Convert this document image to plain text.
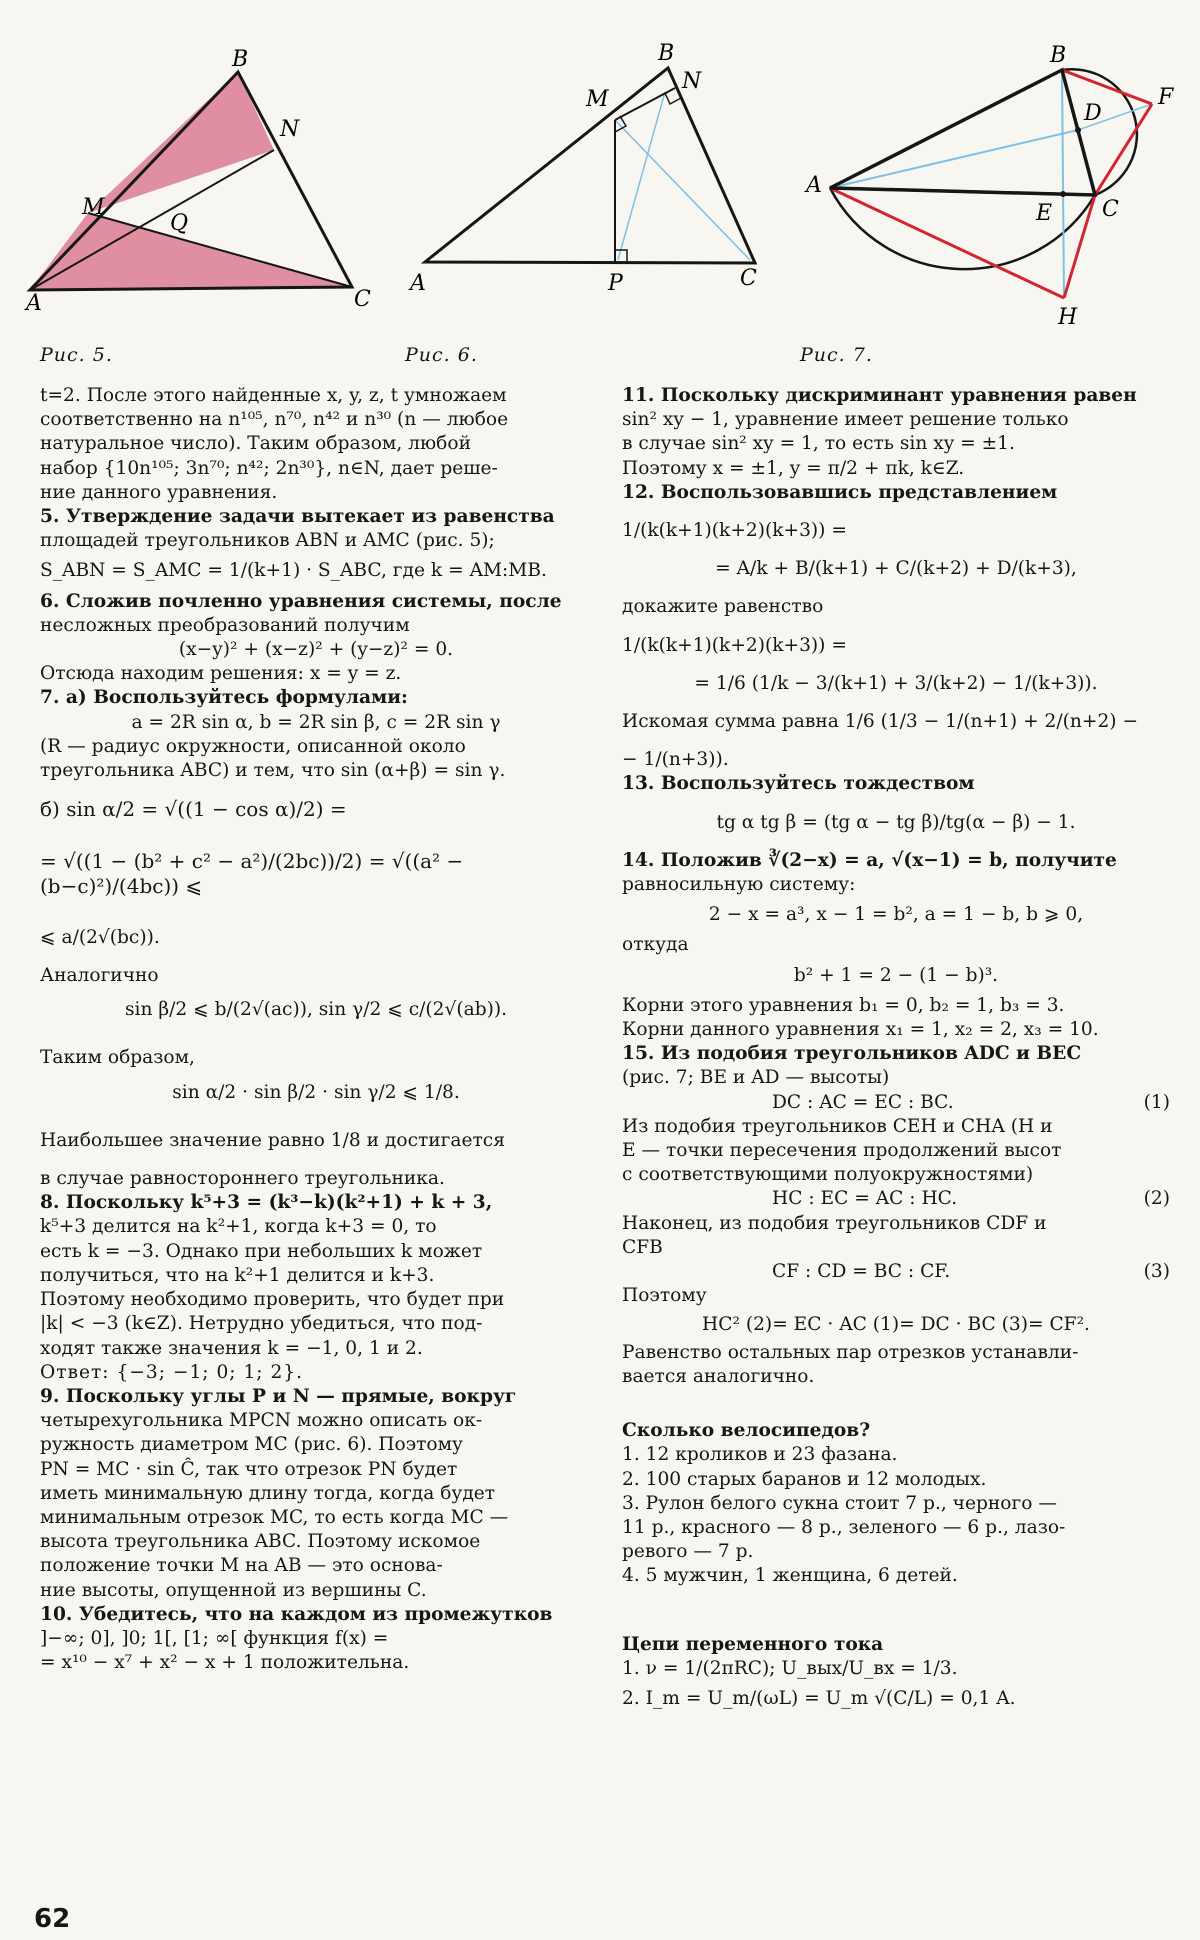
B
N
M
Q
A	C
B
N
M
A	P	C
B
F
D
A
E C
H
Рис. 5.	Рис. 6.	Рис. 7.

t=2. После этого найденные x, y, z, t умножаем

соответственно на n¹⁰⁵, n⁷⁰, n⁴² и n³⁰ (n — любое

натуральное число). Таким образом, любой

набор {10n¹⁰⁵; 3n⁷⁰; n⁴²; 2n³⁰}, n∈N, дает реше-

ние данного уравнения.

5. Утверждение задачи вытекает из равенства

площадей треугольников ABN и AMC (рис. 5);

S_ABN = S_AMC = 1/(k+1) · S_ABC, где k = AM:MB.

6. Сложив почленно уравнения системы, после

несложных преобразований получим

(x−y)² + (x−z)² + (y−z)² = 0.

Отсюда находим решения: x = y = z.

7. а) Воспользуйтесь формулами:

a = 2R sin α, b = 2R sin β, c = 2R sin γ

(R — радиус окружности, описанной около

треугольника ABC) и тем, что sin (α+β) = sin γ.

б) sin α/2 = √((1 − cos α)/2) =

= √((1 − (b² + c² − a²)/(2bc))/2) = √((a² − (b−c)²)/(4bc)) ⩽

⩽ a/(2√(bc)).

Аналогично

sin β/2 ⩽ b/(2√(ac)), sin γ/2 ⩽ c/(2√(ab)).

Таким образом,

sin α/2 · sin β/2 · sin γ/2 ⩽ 1/8.

Наибольшее значение равно 1/8 и достигается

в случае равностороннего треугольника.

8. Поскольку k⁵+3 = (k³−k)(k²+1) + k + 3,

k⁵+3 делится на k²+1, когда k+3 = 0, то

есть k = −3. Однако при небольших k может

получиться, что на k²+1 делится и k+3.

Поэтому необходимо проверить, что будет при

|k| < −3 (k∈Z). Нетрудно убедиться, что под-

ходят также значения k = −1, 0, 1 и 2.

Ответ: {−3; −1; 0; 1; 2}.

9. Поскольку углы P и N — прямые, вокруг

четырехугольника MPCN можно описать ок-

ружность диаметром MC (рис. 6). Поэтому

PN = MC · sin Ĉ, так что отрезок PN будет

иметь минимальную длину тогда, когда будет

минимальным отрезок MC, то есть когда MC —

высота треугольника ABC. Поэтому искомое

положение точки M на AB — это основа-

ние высоты, опущенной из вершины C.

10. Убедитесь, что на каждом из промежутков

]−∞; 0], ]0; 1[, [1; ∞[ функция f(x) =

= x¹⁰ − x⁷ + x² − x + 1 положительна.

11. Поскольку дискриминант уравнения равен

sin² xy − 1, уравнение имеет решение только

в случае sin² xy = 1, то есть sin xy = ±1.

Поэтому x = ±1, y = π/2 + πk, k∈Z.

12. Воспользовавшись представлением

1/(k(k+1)(k+2)(k+3)) =

= A/k + B/(k+1) + C/(k+2) + D/(k+3),

докажите равенство

1/(k(k+1)(k+2)(k+3)) =

= 1/6 (1/k − 3/(k+1) + 3/(k+2) − 1/(k+3)).

Искомая сумма равна 1/6 (1/3 − 1/(n+1) + 2/(n+2) −

− 1/(n+3)).

13. Воспользуйтесь тождеством

tg α tg β = (tg α − tg β)/tg(α − β) − 1.

14. Положив ∛(2−x) = a, √(x−1) = b, получите

равносильную систему:

2 − x = a³, x − 1 = b², a = 1 − b, b ⩾ 0,

откуда

b² + 1 = 2 − (1 − b)³.

Корни этого уравнения b₁ = 0, b₂ = 1, b₃ = 3.

Корни данного уравнения x₁ = 1, x₂ = 2, x₃ = 10.

15. Из подобия треугольников ADC и BEC

(рис. 7; BE и AD — высоты)

DC : AC = EC : BC.	(1)

Из подобия треугольников CEH и CHA (H и

E — точки пересечения продолжений высот

с соответствующими полуокружностями)

HC : EC = AC : HC.	(2)

Наконец, из подобия треугольников CDF и

CFB

CF : CD = BC : CF.	(3)

Поэтому

HC² (2)= EC · AC (1)= DC · BC (3)= CF².

Равенство остальных пар отрезков устанавли-

вается аналогично.

Сколько велосипедов?

1. 12 кроликов и 23 фазана.

2. 100 старых баранов и 12 молодых.

3. Рулон белого сукна стоит 7 р., черного —

11 р., красного — 8 р., зеленого — 6 р., лазо-

ревого — 7 р.

4. 5 мужчин, 1 женщина, 6 детей.

Цепи переменного тока

1. ν = 1/(2πRC); U_вых/U_вх = 1/3.

2. I_m = U_m/(ωL) = U_m √(C/L) = 0,1 A.

62
